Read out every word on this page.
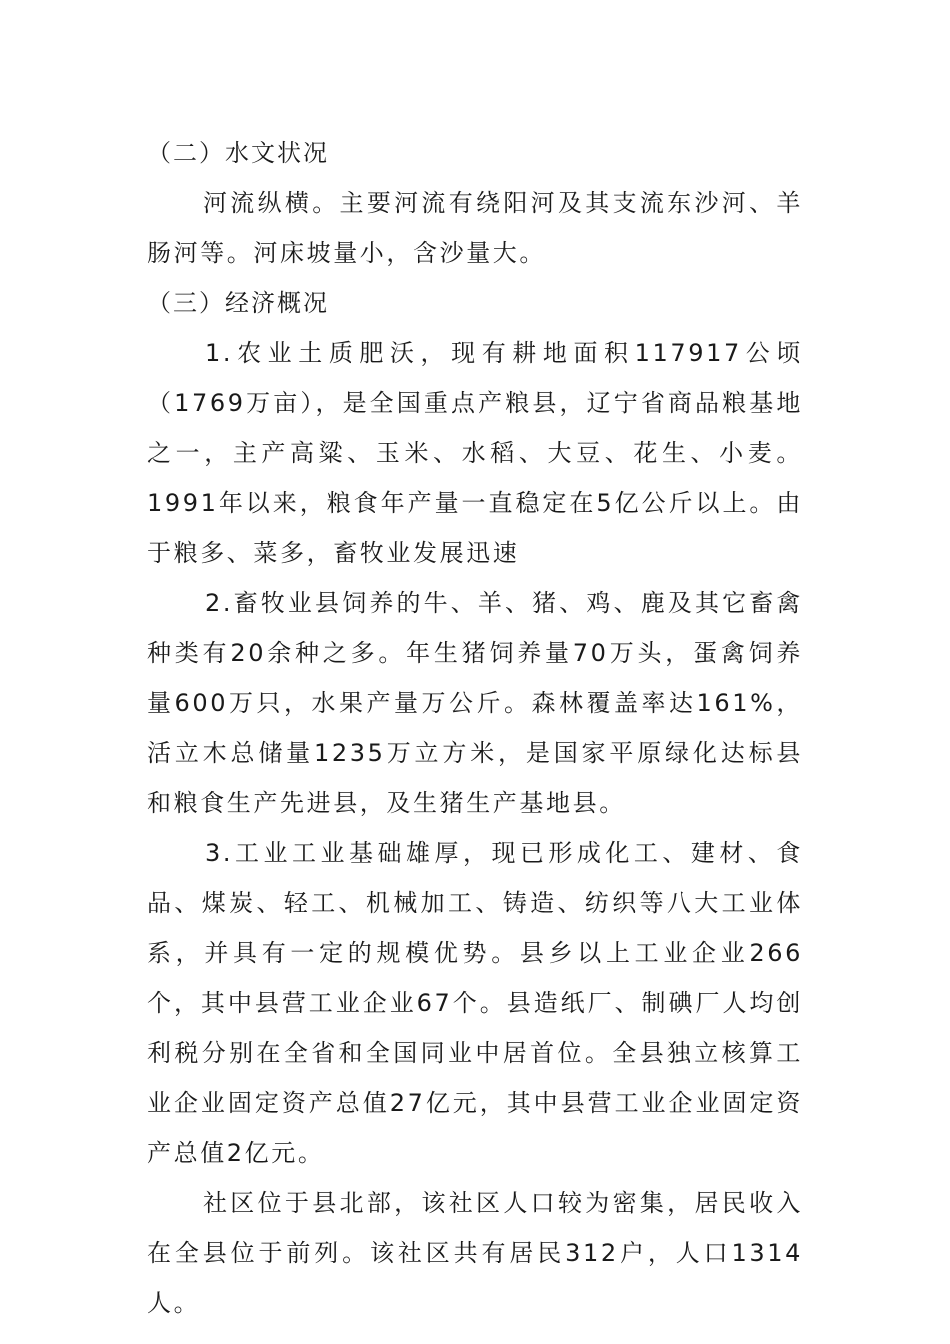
（二）水文状况

河流纵横。主要河流有绕阳河及其支流东沙河、羊肠河等。河床坡量小，含沙量大。

（三）经济概况

1.农业土质肥沃，现有耕地面积117917公顷（1769万亩），是全国重点产粮县，辽宁省商品粮基地之一，主产高粱、玉米、水稻、大豆、花生、小麦。1991年以来，粮食年产量一直稳定在5亿公斤以上。由于粮多、菜多，畜牧业发展迅速

2.畜牧业县饲养的牛、羊、猪、鸡、鹿及其它畜禽种类有20余种之多。年生猪饲养量70万头，蛋禽饲养量600万只，水果产量万公斤。森林覆盖率达161%，活立木总储量1235万立方米，是国家平原绿化达标县和粮食生产先进县，及生猪生产基地县。

3.工业工业基础雄厚，现已形成化工、建材、食品、煤炭、轻工、机械加工、铸造、纺织等八大工业体系，并具有一定的规模优势。县乡以上工业企业266个，其中县营工业企业67个。县造纸厂、制碘厂人均创利税分别在全省和全国同业中居首位。全县独立核算工业企业固定资产总值27亿元，其中县营工业企业固定资产总值2亿元。

社区位于县北部，该社区人口较为密集，居民收入在全县位于前列。该社区共有居民312户，人口1314人。
